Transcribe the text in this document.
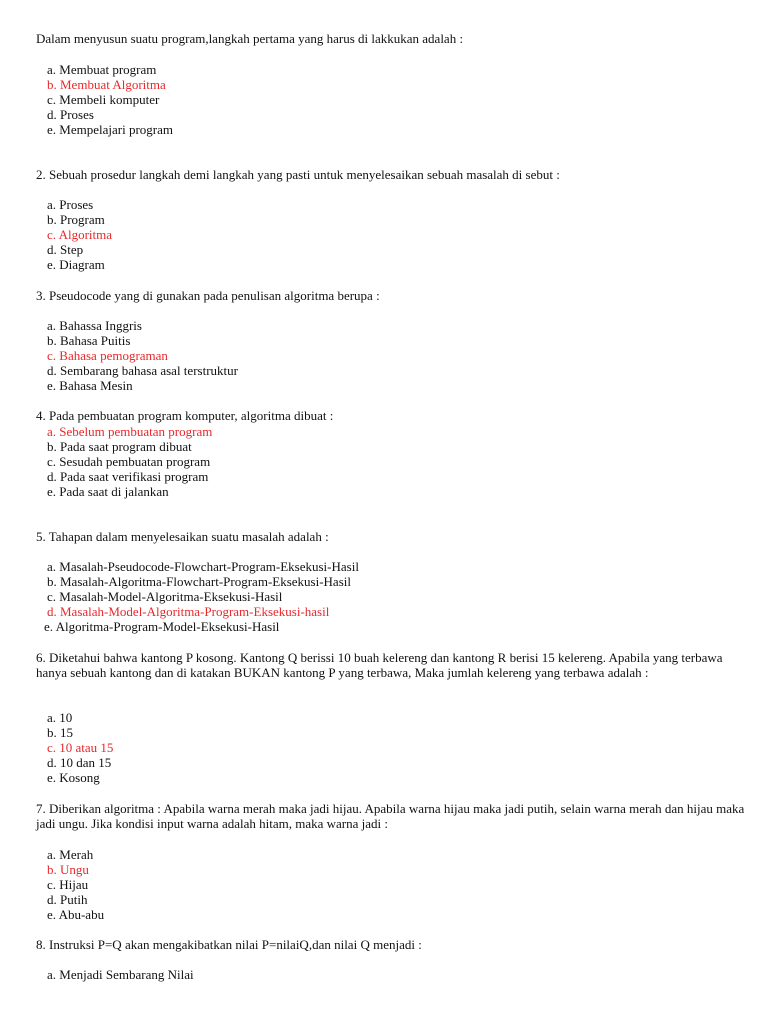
Dalam menyusun suatu program,langkah pertama yang harus di lakkukan adalah :
a. Membuat program
b. Membuat Algoritma
c. Membeli komputer
d. Proses
e. Mempelajari program
2. Sebuah prosedur langkah demi langkah yang pasti untuk menyelesaikan sebuah masalah di sebut :
a. Proses
b. Program
c. Algoritma
d. Step
e. Diagram
3. Pseudocode yang di gunakan pada penulisan algoritma berupa :
a. Bahassa Inggris
b. Bahasa Puitis
c. Bahasa pemograman
d. Sembarang bahasa asal terstruktur
e. Bahasa Mesin
4. Pada pembuatan program komputer, algoritma dibuat :
a. Sebelum pembuatan program
b. Pada saat program dibuat
c. Sesudah pembuatan program
d. Pada saat verifikasi program
e. Pada saat di jalankan
5. Tahapan dalam menyelesaikan suatu masalah adalah :
a. Masalah-Pseudocode-Flowchart-Program-Eksekusi-Hasil
b. Masalah-Algoritma-Flowchart-Program-Eksekusi-Hasil
c. Masalah-Model-Algoritma-Eksekusi-Hasil
d. Masalah-Model-Algoritma-Program-Eksekusi-hasil
e. Algoritma-Program-Model-Eksekusi-Hasil
6. Diketahui bahwa kantong P kosong. Kantong Q berissi 10 buah kelereng dan kantong R berisi 15 kelereng. Apabila yang terbawa hanya sebuah kantong dan di katakan BUKAN kantong P yang terbawa, Maka jumlah kelereng yang terbawa adalah :
a. 10
b. 15
c. 10 atau 15
d. 10 dan 15
e. Kosong
7. Diberikan algoritma : Apabila warna merah maka jadi hijau. Apabila warna hijau maka jadi putih, selain warna merah dan hijau maka jadi ungu. Jika kondisi input warna adalah hitam, maka warna jadi :
a. Merah
b. Ungu
c. Hijau
d. Putih
e. Abu-abu
8. Instruksi P=Q akan mengakibatkan nilai P=nilaiQ,dan nilai Q menjadi :
a. Menjadi Sembarang Nilai
